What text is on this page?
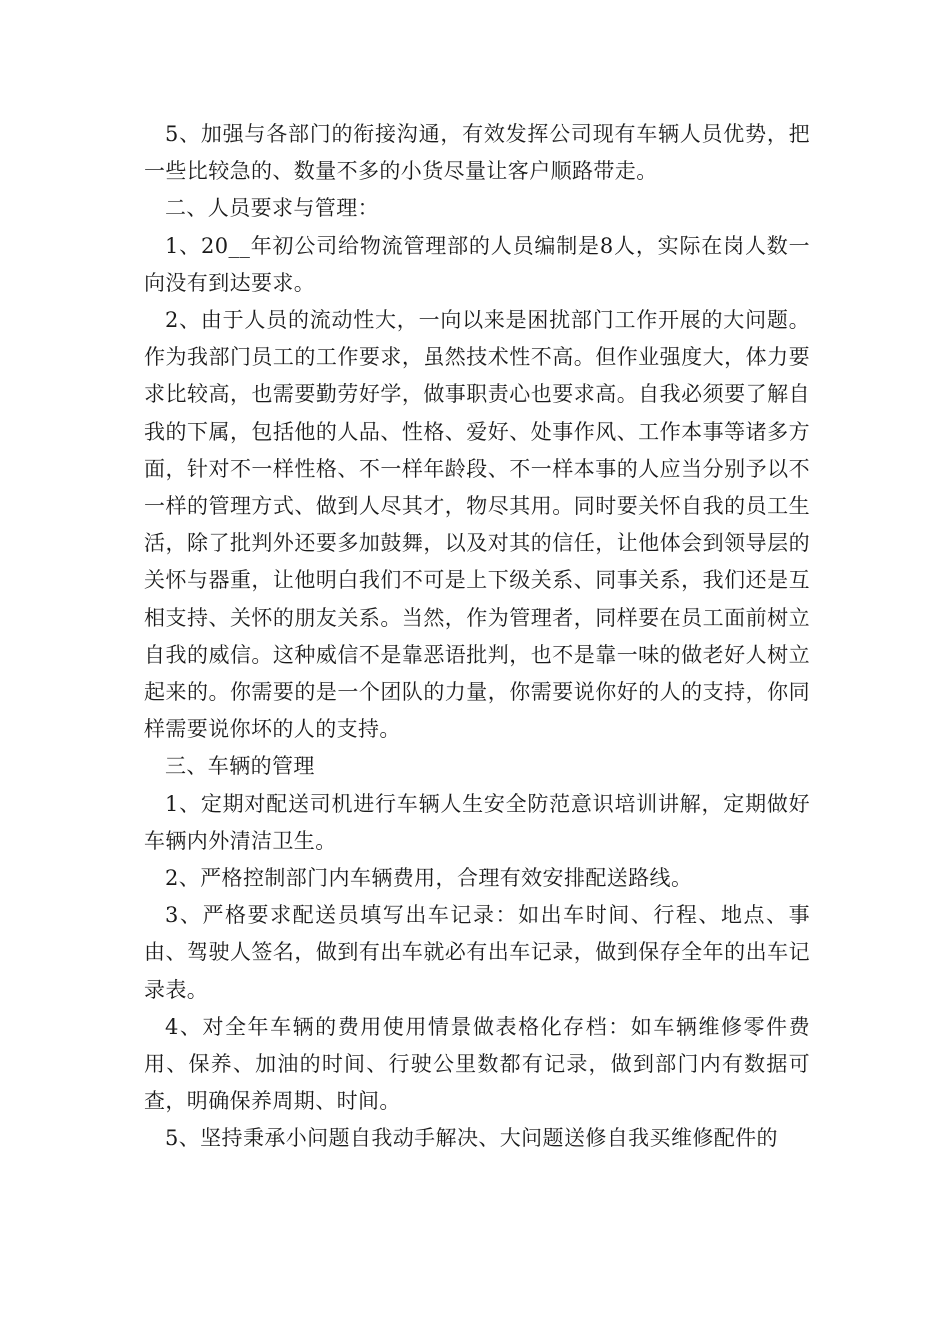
5、加强与各部门的衔接沟通，有效发挥公司现有车辆人员优势，把一些比较急的、数量不多的小货尽量让客户顺路带走。

二、人员要求与管理：

1、20__年初公司给物流管理部的人员编制是8人，实际在岗人数一向没有到达要求。

2、由于人员的流动性大，一向以来是困扰部门工作开展的大问题。作为我部门员工的工作要求，虽然技术性不高。但作业强度大，体力要求比较高，也需要勤劳好学，做事职责心也要求高。自我必须要了解自我的下属，包括他的人品、性格、爱好、处事作风、工作本事等诸多方面，针对不一样性格、不一样年龄段、不一样本事的人应当分别予以不一样的管理方式、做到人尽其才，物尽其用。同时要关怀自我的员工生活，除了批判外还要多加鼓舞，以及对其的信任，让他体会到领导层的关怀与器重，让他明白我们不可是上下级关系、同事关系，我们还是互相支持、关怀的朋友关系。当然，作为管理者，同样要在员工面前树立自我的威信。这种威信不是靠恶语批判，也不是靠一味的做老好人树立起来的。你需要的是一个团队的力量，你需要说你好的人的支持，你同样需要说你坏的人的支持。

三、车辆的管理

1、定期对配送司机进行车辆人生安全防范意识培训讲解，定期做好车辆内外清洁卫生。

2、严格控制部门内车辆费用，合理有效安排配送路线。

3、严格要求配送员填写出车记录：如出车时间、行程、地点、事由、驾驶人签名，做到有出车就必有出车记录，做到保存全年的出车记录表。

4、对全年车辆的费用使用情景做表格化存档：如车辆维修零件费用、保养、加油的时间、行驶公里数都有记录，做到部门内有数据可查，明确保养周期、时间。

5、坚持秉承小问题自我动手解决、大问题送修自我买维修配件的
